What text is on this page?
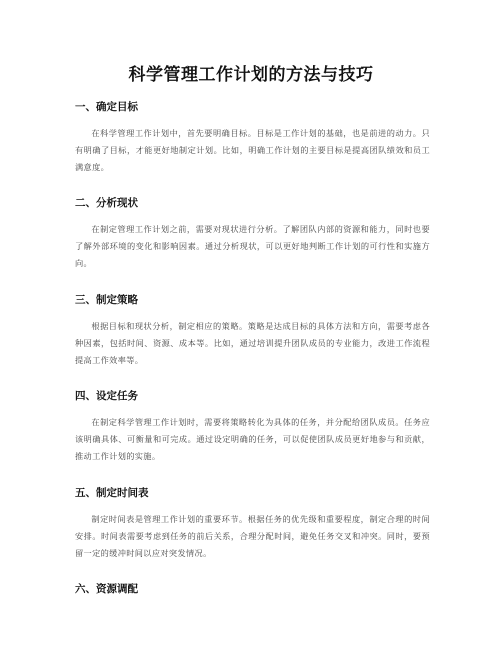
科学管理工作计划的方法与技巧
一、确定目标

在科学管理工作计划中，首先要明确目标。目标是工作计划的基础，也是前进的动力。只有明确了目标，才能更好地制定计划。比如，明确工作计划的主要目标是提高团队绩效和员工满意度。

二、分析现状

在制定管理工作计划之前，需要对现状进行分析。了解团队内部的资源和能力，同时也要了解外部环境的变化和影响因素。通过分析现状，可以更好地判断工作计划的可行性和实施方向。

三、制定策略

根据目标和现状分析，制定相应的策略。策略是达成目标的具体方法和方向，需要考虑各种因素，包括时间、资源、成本等。比如，通过培训提升团队成员的专业能力，改进工作流程提高工作效率等。

四、设定任务

在制定科学管理工作计划时，需要将策略转化为具体的任务，并分配给团队成员。任务应该明确具体、可衡量和可完成。通过设定明确的任务，可以促使团队成员更好地参与和贡献，推动工作计划的实施。

五、制定时间表

制定时间表是管理工作计划的重要环节。根据任务的优先级和重要程度，制定合理的时间安排。时间表需要考虑到任务的前后关系，合理分配时间，避免任务交叉和冲突。同时，要预留一定的缓冲时间以应对突发情况。

六、资源调配
